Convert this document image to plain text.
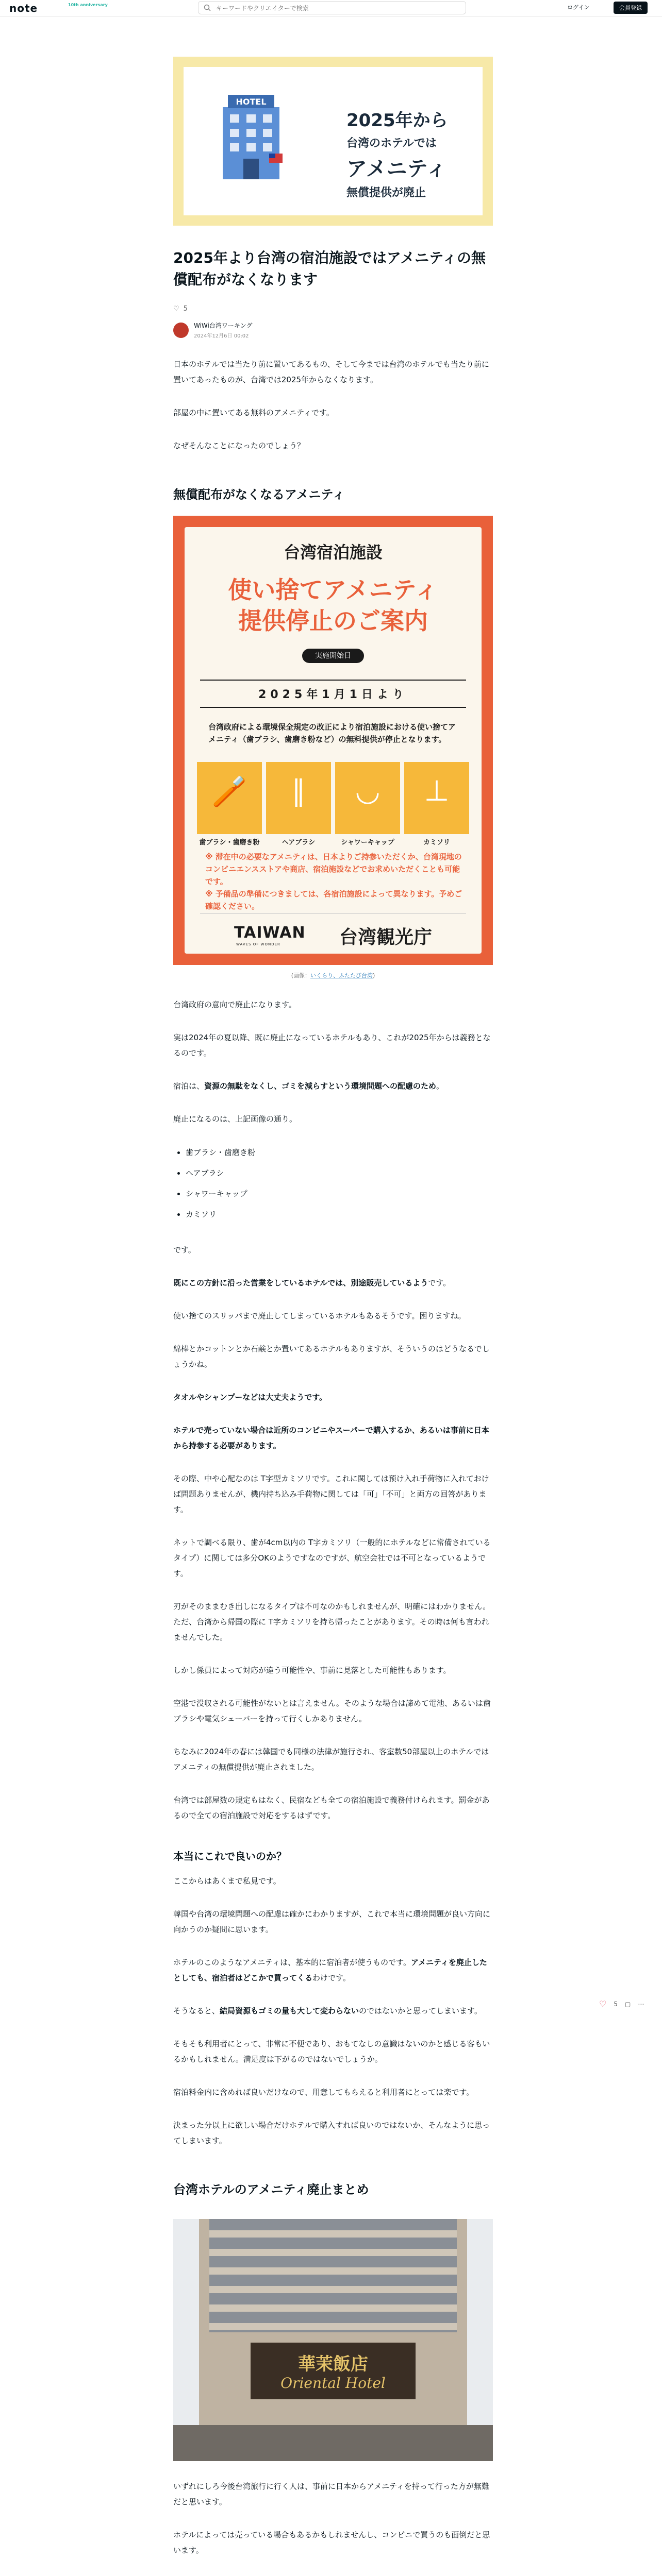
note	10th anniversary
キーワードやクリエイターで検索	ログイン	会員登録
HOTEL
2025年から
台湾のホテルでは
アメニティ
無償提供が廃止
2025年より台湾の宿泊施設ではアメニティの無償配布がなくなります
♡ 5
WiWi台湾ワーキング
2024年12月6日 00:02

日本のホテルでは当たり前に置いてあるもの、そして今までは台湾のホテルでも当たり前に置いてあったものが、台湾では2025年からなくなります。

部屋の中に置いてある無料のアメニティです。

なぜそんなことになったのでしょう？

無償配布がなくなるアメニティ
台湾宿泊施設
使い捨てアメニティ
提供停止のご案内
実施開始日
2025年1月1日より
台湾政府による環境保全規定の改正により宿泊施設における使い捨てアメニティ（歯ブラシ、歯磨き粉など）の無料提供が停止となります。
🪥
歯ブラシ・歯磨き粉
∥
ヘアブラシ
◡
シャワーキャップ
⊥
カミソリ
※ 滞在中の必要なアメニティは、日本よりご持参いただくか、台湾現地のコンビニエンスストアや商店、宿泊施設などでお求めいただくことも可能です。
※ 予備品の準備につきましては、各宿泊施設によって異なります。予めご確認ください。
TAIWAN
WAVES OF WONDER	台湾観光庁
(画像：いくらり、ふたたび台湾)

台湾政府の意向で廃止になります。

実は2024年の夏以降、既に廃止になっているホテルもあり、これが2025年からは義務となるのです。

宿泊は、資源の無駄をなくし、ゴミを減らすという環境問題への配慮のため。

廃止になるのは、上記画像の通り。

• 歯ブラシ・歯磨き粉
• ヘアブラシ
• シャワーキャップ
• カミソリ

です。

既にこの方針に沿った営業をしているホテルでは、別途販売しているようです。

使い捨てのスリッパまで廃止してしまっているホテルもあるそうです。困りますね。

綿棒とかコットンとか石鹸とか置いてあるホテルもありますが、そういうのはどうなるでしょうかね。

タオルやシャンプーなどは大丈夫ようです。

ホテルで売っていない場合は近所のコンビニやスーパーで購入するか、あるいは事前に日本から持参する必要があります。

その際、中や心配なのは T字型カミソリです。これに関しては预け入れ手荷物に入れておけば問題ありませんが、機内持ち込み手荷物に関しては「可」「不可」と両方の回答があります。

ネットで調べる限り、歯が4cm以内の T字カミソリ（一般的にホテルなどに常備されているタイプ）に関しては多分OKのようですなのですが、航空会社では不可となっているようです。

刃がそのままむき出しになるタイプは不可なのかもしれませんが、明確にはわかりません。ただ、台湾から帰国の際に T字カミソリを持ち帰ったことがあります。その時は何も言われませんでした。

しかし係員によって対応が違う可能性や、事前に見落とした可能性もあります。

空港で没収される可能性がないとは言えません。そのような場合は諦めて電池、あるいは歯ブラシや電気シェーバーを持って行くしかありません。

ちなみに2024年の春には韓国でも同様の法律が施行され、客室数50部屋以上のホテルではアメニティの無償提供が廃止されました。

台湾では部屋数の規定もはなく、民宿なども全ての宿泊施設で義務付けられます。罰金があるので全ての宿泊施設で対応をするはずです。

本当にこれで良いのか？

ここからはあくまで私見です。

韓国や台湾の環境問題への配慮は確かにわかりますが、これで本当に環境問題が良い方向に向かうのか疑問に思います。

ホテルのこのようなアメニティは、基本的に宿泊者が使うものです。アメニティを廃止したとしても、宿泊者はどこかで買ってくるわけです。

そうなると、結局資源もゴミの量も大して変わらないのではないかと思ってしまいます。

そもそも利用者にとって、非常に不便であり、おもてなしの意識はないのかと感じる客もいるかもしれません。満足度は下がるのではないでしょうか。

宿泊料金内に含めれば良いだけなので、用意してもらえると利用者にとっては楽です。

決まった分以上に欲しい場合だけホテルで購入すれば良いのではないか、そんなように思ってしまいます。

台湾ホテルのアメニティ廃止まとめ
華茉飯店
Oriental Hotel

いずれにしろ今後台湾旅行に行く人は、事前に日本からアメニティを持って行った方が無難だと思います。

ホテルによっては売っている場合もあるかもしれませんし、コンビニで買うのも面倒だと思います。

♡ 5 ▢ ⋯
